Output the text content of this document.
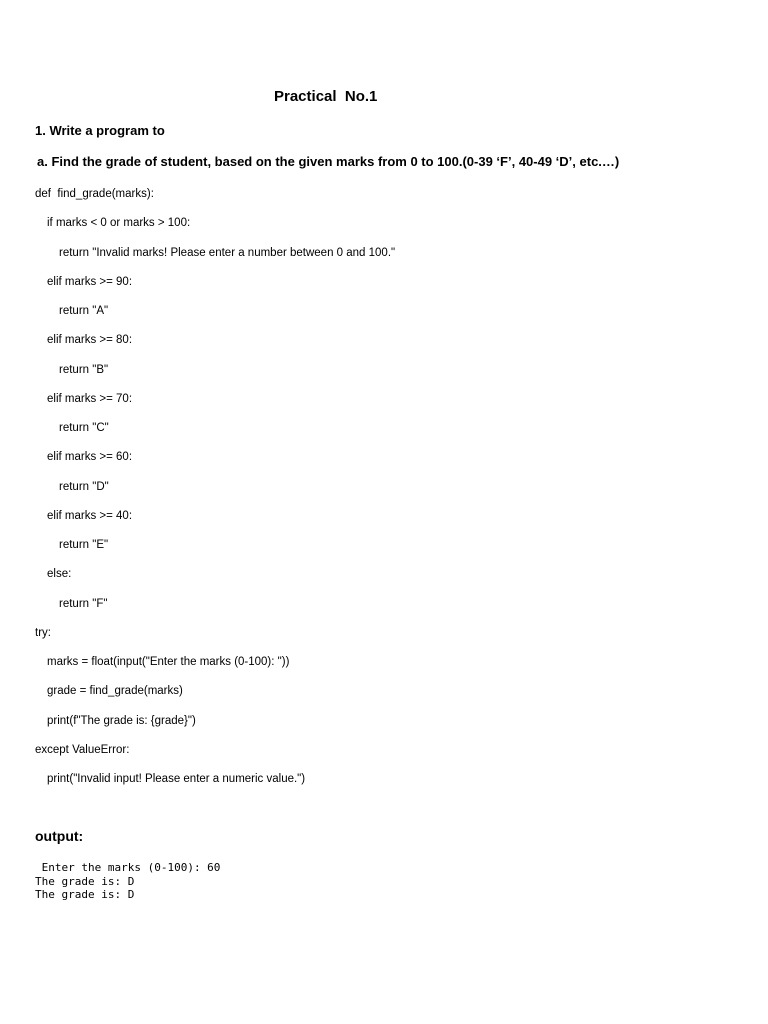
Practical  No.1
1. Write a program to
a. Find the grade of student, based on the given marks from 0 to 100.(0-39 ‘F’, 40-49 ‘D’, etc.…)
def  find_grade(marks):
if marks < 0 or marks > 100:
return "Invalid marks! Please enter a number between 0 and 100."
elif marks >= 90:
return "A"
elif marks >= 80:
return "B"
elif marks >= 70:
return "C"
elif marks >= 60:
return "D"
elif marks >= 40:
return "E"
else:
return "F"
try:
marks = float(input("Enter the marks (0-100): "))
grade = find_grade(marks)
print(f"The grade is: {grade}")
except ValueError:
print("Invalid input! Please enter a numeric value.")
output:
Enter the marks (0-100): 60
The grade is: D
The grade is: D
